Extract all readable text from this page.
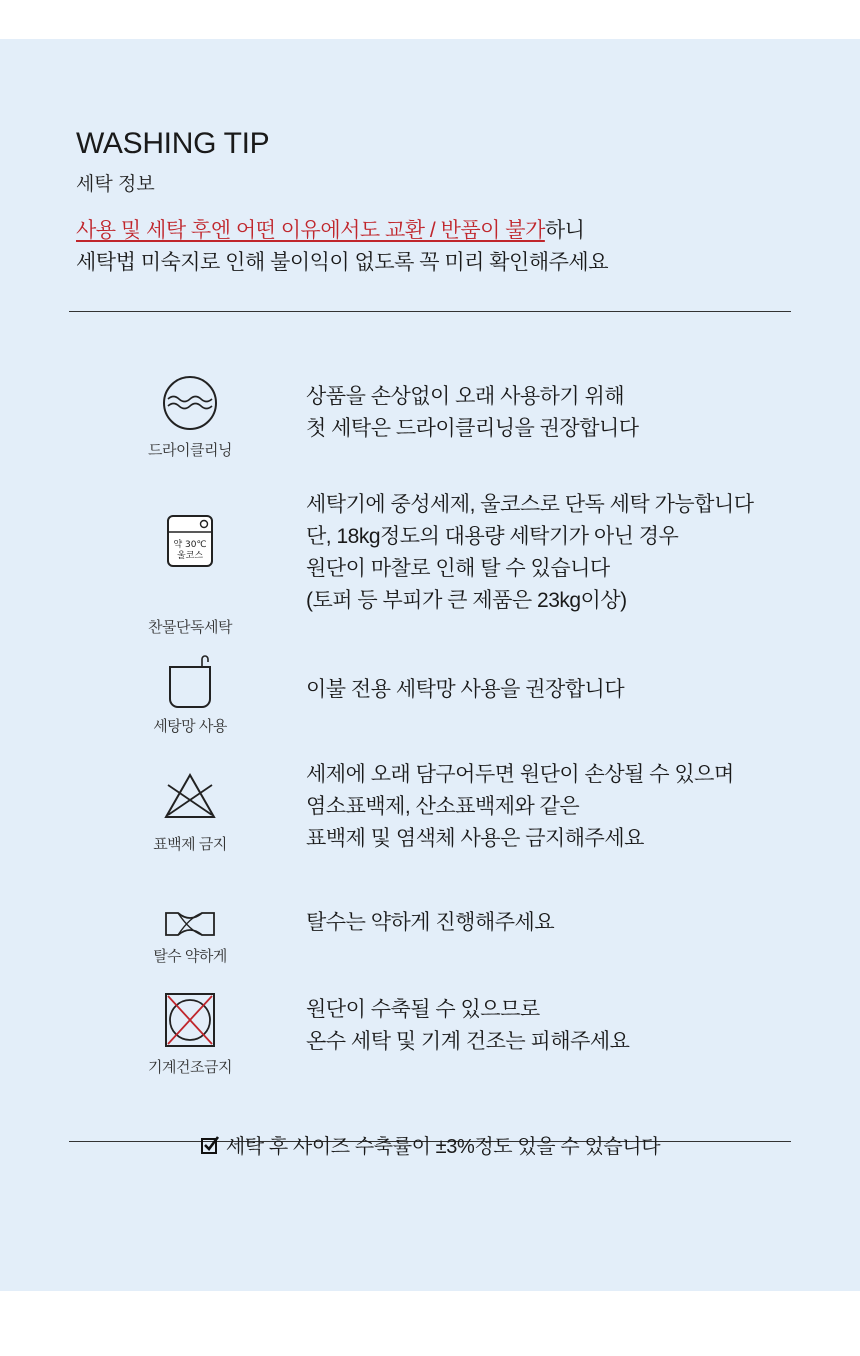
WASHING TIP
세탁 정보
사용 및 세탁 후엔 어떤 이유에서도 교환 / 반품이 불가하니
세탁법 미숙지로 인해 불이익이 없도록 꼭 미리 확인해주세요
드라이클리닝
상품을 손상없이 오래 사용하기 위해
첫 세탁은 드라이클리닝을 권장합니다
약 30℃
울코스
찬물단독세탁
세탁기에 중성세제, 울코스로 단독 세탁 가능합니다
단, 18kg정도의 대용량 세탁기가 아닌 경우
원단이 마찰로 인해 탈 수 있습니다
(토퍼 등 부피가 큰 제품은 23kg이상)
세탕망 사용
이불 전용 세탁망 사용을 권장합니다
표백제 금지
세제에 오래 담구어두면 원단이 손상될 수 있으며
염소표백제, 산소표백제와 같은
표백제 및 염색체 사용은 금지해주세요
탈수 약하게
탈수는 약하게 진행해주세요
기계건조금지
원단이 수축될 수 있으므로
온수 세탁 및 기계 건조는 피해주세요
세탁 후 사이즈 수축률이 ±3%정도 있을 수 있습니다
